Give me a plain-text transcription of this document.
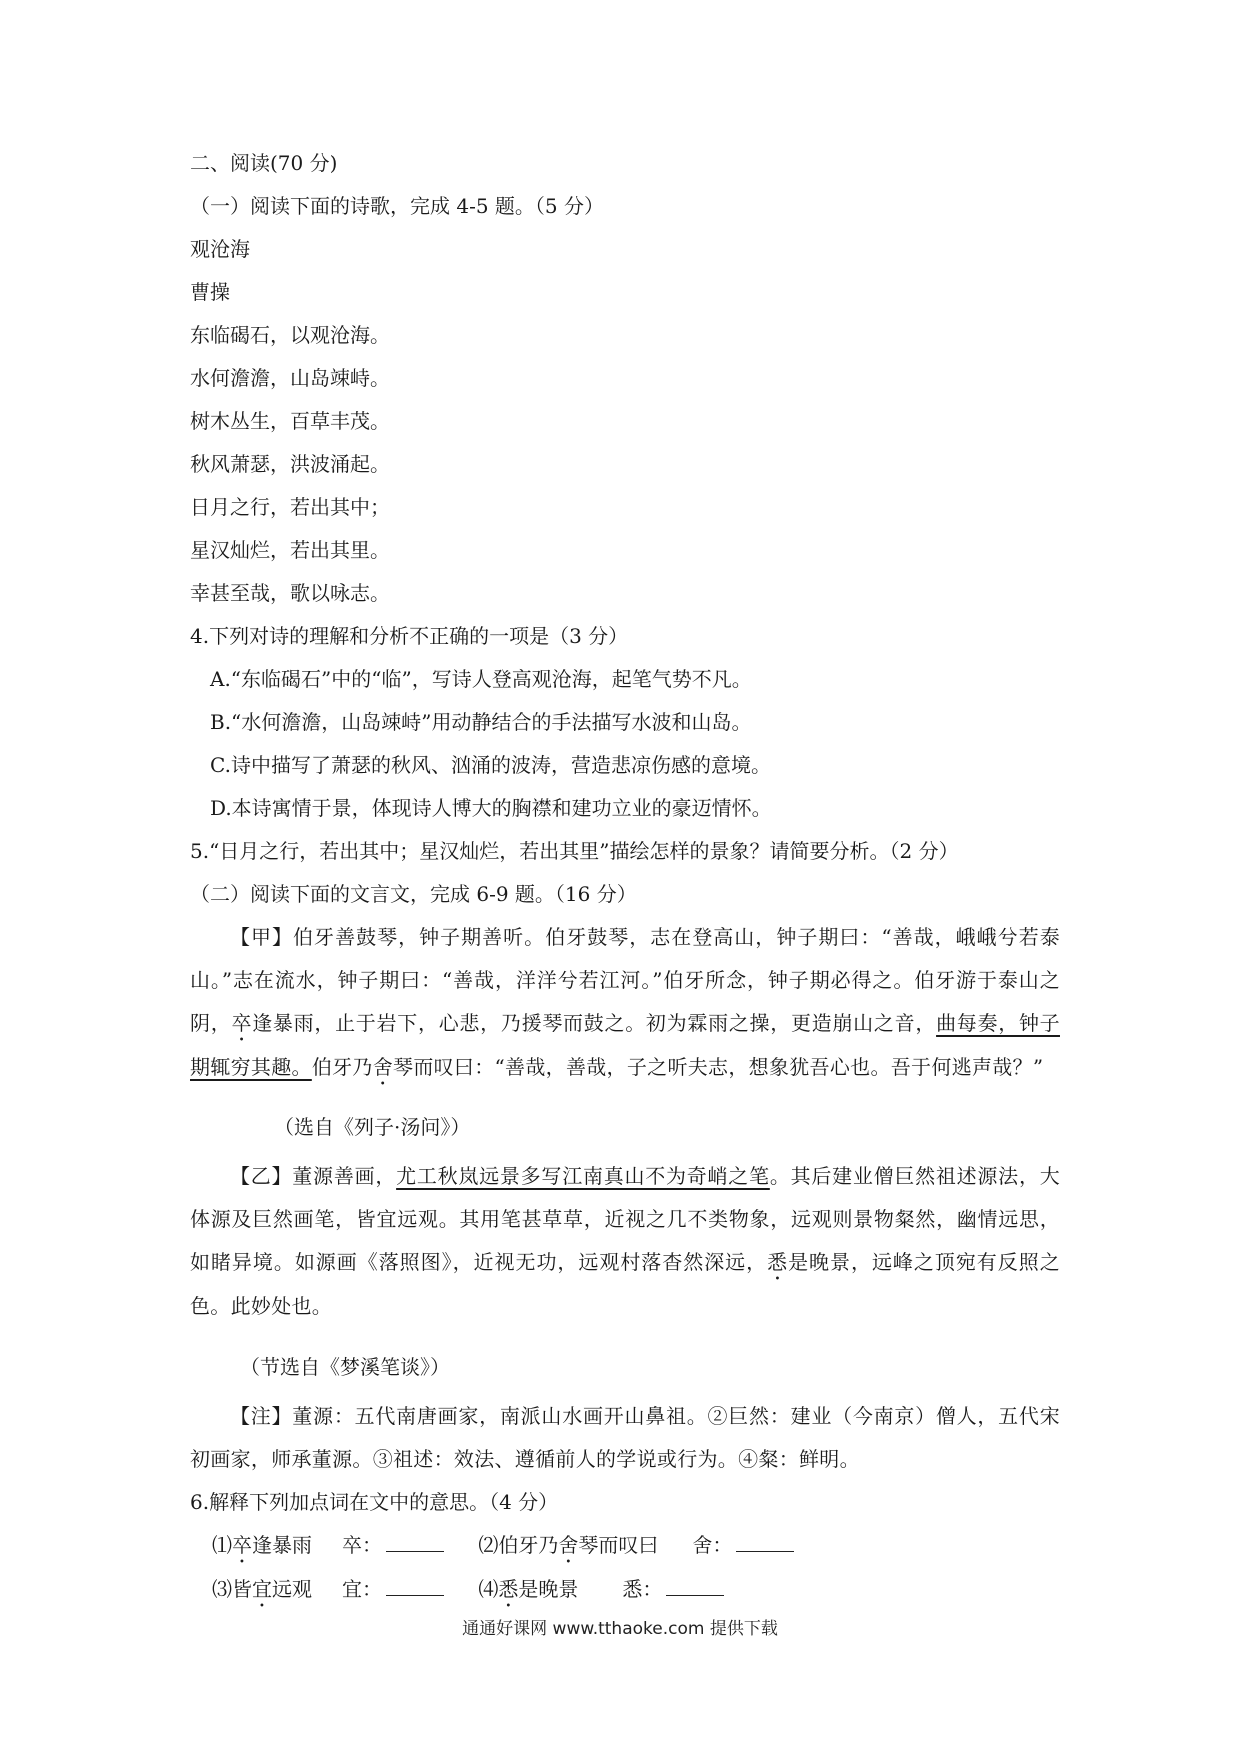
二、阅读(70 分)
（一）阅读下面的诗歌，完成 4-5 题。（5 分）
观沧海
曹操
东临碣石，以观沧海。
水何澹澹，山岛竦峙。
树木丛生，百草丰茂。
秋风萧瑟，洪波涌起。
日月之行，若出其中；
星汉灿烂，若出其里。
幸甚至哉，歌以咏志。
4.下列对诗的理解和分析不正确的一项是（3 分）
A.“东临碣石”中的“临”，写诗人登高观沧海，起笔气势不凡。
B.“水何澹澹，山岛竦峙”用动静结合的手法描写水波和山岛。
C.诗中描写了萧瑟的秋风、汹涌的波涛，营造悲凉伤感的意境。
D.本诗寓情于景，体现诗人博大的胸襟和建功立业的豪迈情怀。
5.“日月之行，若出其中；星汉灿烂，若出其里”描绘怎样的景象？请简要分析。（2 分）
（二）阅读下面的文言文，完成 6-9 题。（16 分）

【甲】伯牙善鼓琴，钟子期善听。伯牙鼓琴，志在登高山，钟子期曰：“善哉，峨峨兮若泰山。”志在流水，钟子期曰：“善哉，洋洋兮若江河。”伯牙所念，钟子期必得之。伯牙游于泰山之阴，卒逢暴雨，止于岩下，心悲，乃援琴而鼓之。初为霖雨之操，更造崩山之音，曲每奏，钟子期辄穷其趣。伯牙乃舍琴而叹曰：“善哉，善哉，子之听夫志，想象犹吾心也。吾于何逃声哉？”

（选自《列子·汤问》）

【乙】董源善画，尤工秋岚远景多写江南真山不为奇峭之笔。其后建业僧巨然祖述源法，大体源及巨然画笔，皆宜远观。其用笔甚草草，近视之几不类物象，远观则景物粲然，幽情远思，如睹异境。如源画《落照图》，近视无功，远观村落杳然深远，悉是晚景，远峰之顶宛有反照之色。此妙处也。

（节选自《梦溪笔谈》）

【注】董源：五代南唐画家，南派山水画开山鼻祖。②巨然：建业（今南京）僧人，五代宋初画家，师承董源。③祖述：效法、遵循前人的学说或行为。④粲：鲜明。

6.解释下列加点词在文中的意思。（4 分）
⑴卒逢暴雨 卒：	⑵伯牙乃舍琴而叹曰 舍：
⑶皆宜远观 宜：	⑷悉是晚景 悉：
通通好课网 www.tthaoke.com 提供下载
